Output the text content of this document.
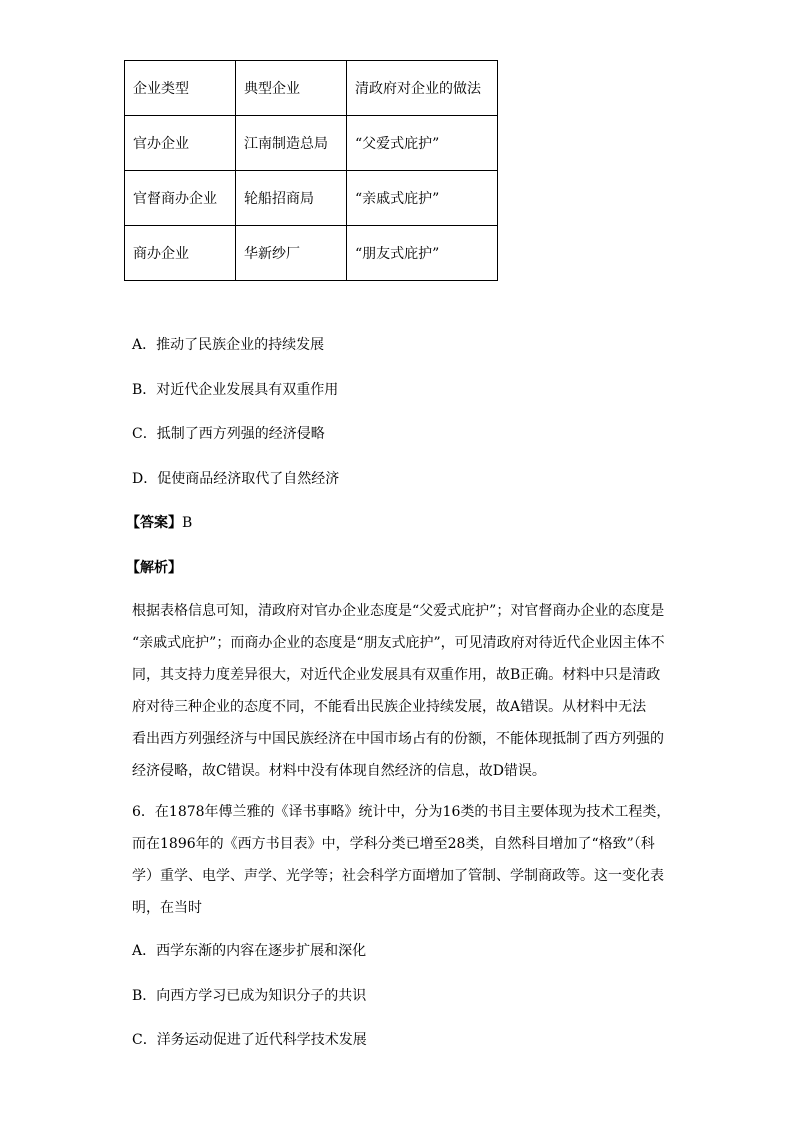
企业类型	典型企业	清政府对企业的做法
官办企业	江南制造总局	“父爱式庇护”
官督商办企业	轮船招商局	“亲戚式庇护”
商办企业	华新纱厂	“朋友式庇护”
A．推动了民族企业的持续发展
B．对近代企业发展具有双重作用
C．抵制了西方列强的经济侵略
D．促使商品经济取代了自然经济
【答案】B
【解析】
根据表格信息可知，清政府对官办企业态度是“父爱式庇护”；对官督商办企业的态度是
“亲戚式庇护”；而商办企业的态度是“朋友式庇护”，可见清政府对待近代企业因主体不
同，其支持力度差异很大，对近代企业发展具有双重作用，故B正确。材料中只是清政
府对待三种企业的态度不同，不能看出民族企业持续发展，故A错误。从材料中无法
看出西方列强经济与中国民族经济在中国市场占有的份额，不能体现抵制了西方列强的
经济侵略，故C错误。材料中没有体现自然经济的信息，故D错误。
6．在1878年傅兰雅的《译书事略》统计中，分为16类的书目主要体现为技术工程类，
而在1896年的《西方书目表》中，学科分类已增至28类，自然科目增加了“格致”（科
学）重学、电学、声学、光学等；社会科学方面增加了管制、学制商政等。这一变化表
明，在当时
A．西学东渐的内容在逐步扩展和深化
B．向西方学习已成为知识分子的共识
C．洋务运动促进了近代科学技术发展
